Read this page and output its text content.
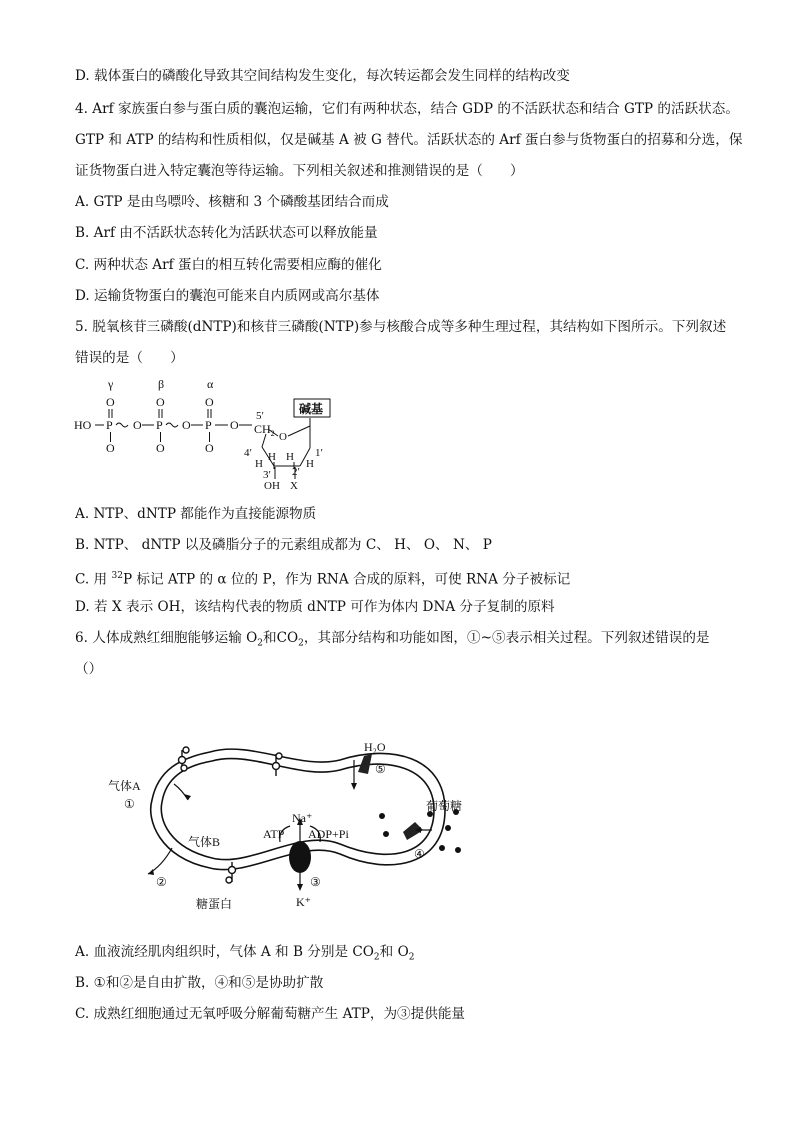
D. 载体蛋白的磷酸化导致其空间结构发生变化，每次转运都会发生同样的结构改变
4. Arf 家族蛋白参与蛋白质的囊泡运输，它们有两种状态，结合 GDP 的不活跃状态和结合 GTP 的活跃状态。
GTP 和 ATP 的结构和性质相似，仅是碱基 A 被 G 替代。活跃状态的 Arf 蛋白参与货物蛋白的招募和分选，保
证货物蛋白进入特定囊泡等待运输。下列相关叙述和推测错误的是（　　）
A. GTP 是由鸟嘌呤、核糖和 3 个磷酸基团结合而成
B. Arf 由不活跃状态转化为活跃状态可以释放能量
C. 两种状态 Arf 蛋白的相互转化需要相应酶的催化
D. 运输货物蛋白的囊泡可能来自内质网或高尔基体
5. 脱氧核苷三磷酸(dNTP)和核苷三磷酸(NTP)参与核酸合成等多种生理过程，其结构如下图所示。下列叙述
错误的是（　　）
γ	β	α
O	O	O
HO P O P O P O $CH_2$
O	O	O
5′
O
4′	1′
H
H H
H
3′ 2′
OH X
碱基
A. NTP、dNTP 都能作为直接能源物质
B. NTP、 dNTP 以及磷脂分子的元素组成都为 C、 H、 O、 N、 P
C. 用 $^{32}$P 标记 ATP 的 α 位的 P，作为 RNA 合成的原料，可使 RNA 分子被标记
D. 若 X 表示 OH，该结构代表的物质 dNTP 可作为体内 DNA 分子复制的原料
6. 人体成熟红细胞能够运输 $O_2$和$CO_2$，其部分结构和功能如图，①~⑤表示相关过程。下列叙述错误的是
（）
气体A
①
气体B
②
糖蛋白
H₂O
⑤
葡萄糖
④
Na⁺
ATP ADP+Pi
③
K⁺
A. 血液流经肌肉组织时，气体 A 和 B 分别是 $CO_2$和 $O_2$
B. ①和②是自由扩散，④和⑤是协助扩散
C. 成熟红细胞通过无氧呼吸分解葡萄糖产生 ATP，为③提供能量
